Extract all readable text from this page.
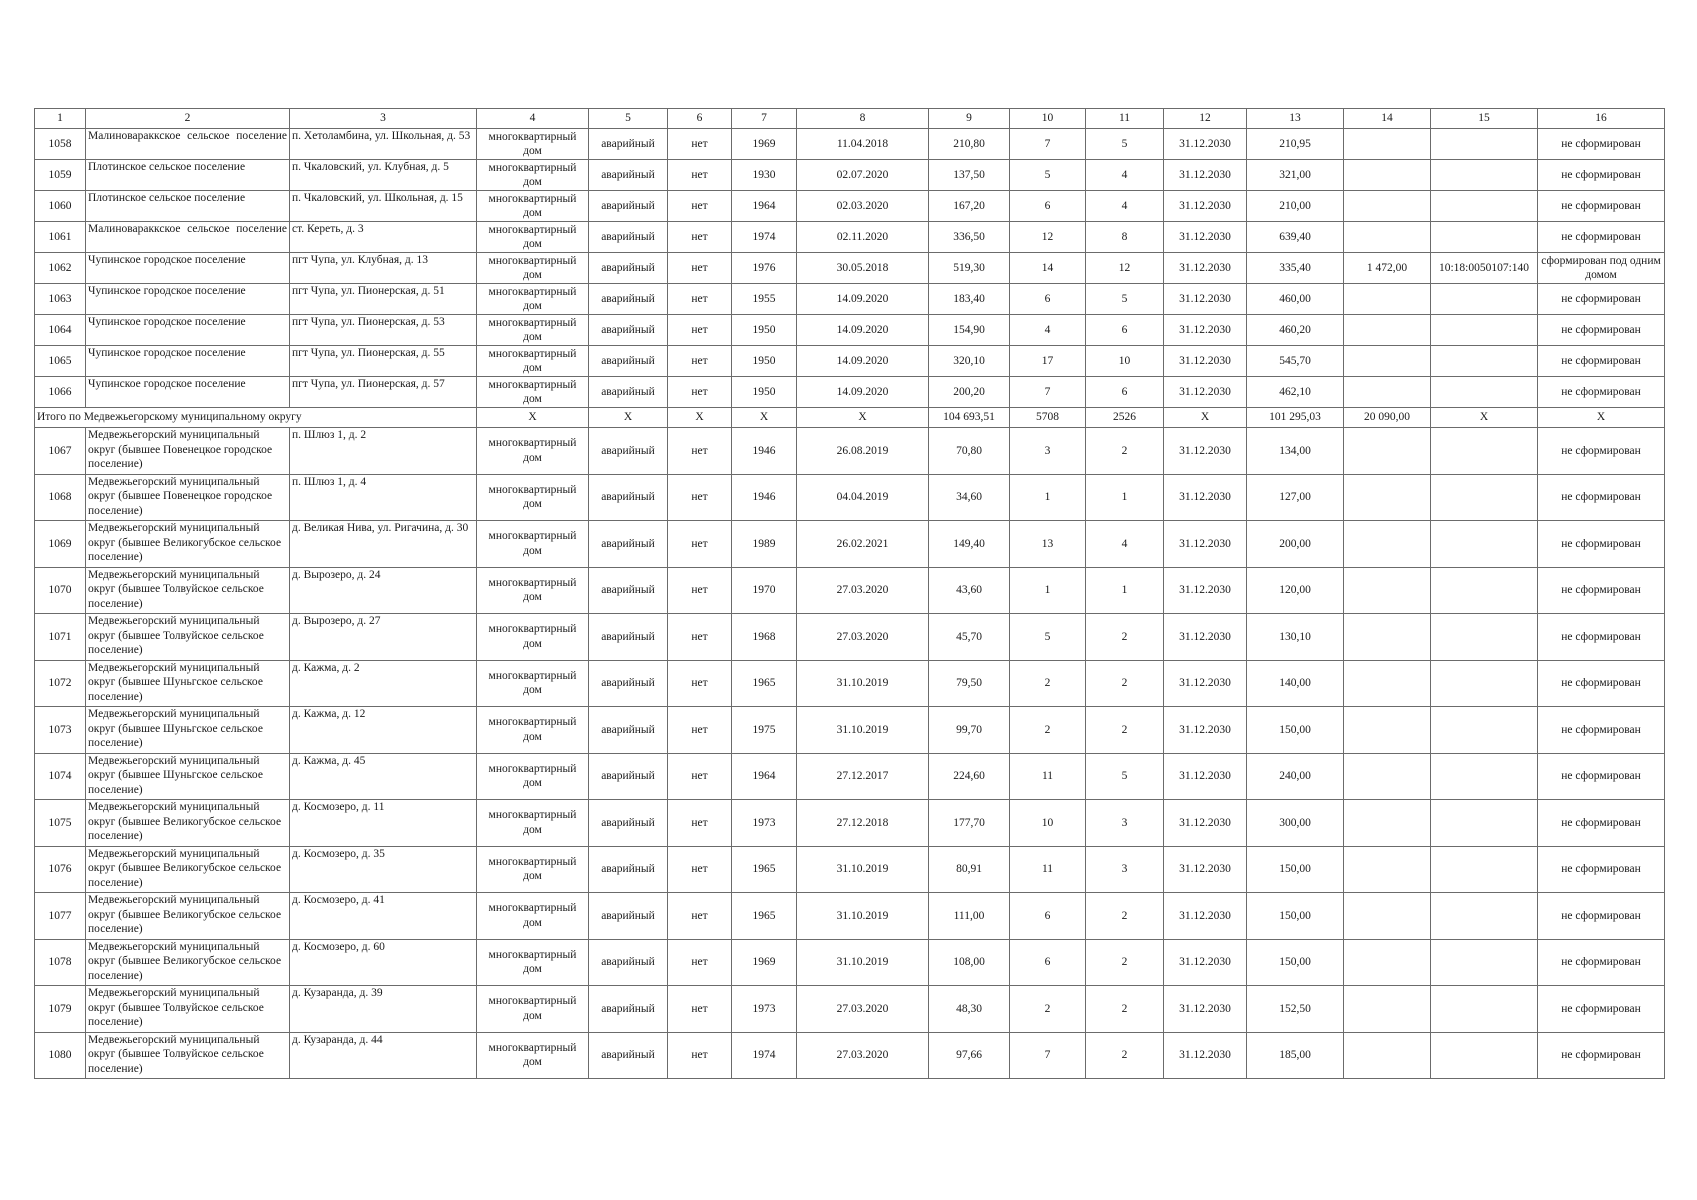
1	2	3	4	5	6	7	8	9	10	11	12	13	14	15	16
1058	Малиновараккское сельское поселение	п. Хетоламбина, ул. Школьная, д. 53	многоквартирный дом	аварийный	нет	1969	11.04.2018	210,80	7	5	31.12.2030	210,95			не сформирован
1059	Плотинское сельское поселение	п. Чкаловский, ул. Клубная, д. 5	многоквартирный дом	аварийный	нет	1930	02.07.2020	137,50	5	4	31.12.2030	321,00			не сформирован
1060	Плотинское сельское поселение	п. Чкаловский, ул. Школьная, д. 15	многоквартирный дом	аварийный	нет	1964	02.03.2020	167,20	6	4	31.12.2030	210,00			не сформирован
1061	Малиновараккское сельское поселение	ст. Кереть, д. 3	многоквартирный дом	аварийный	нет	1974	02.11.2020	336,50	12	8	31.12.2030	639,40			не сформирован
1062	Чупинское городское поселение	пгт Чупа, ул. Клубная, д. 13	многоквартирный дом	аварийный	нет	1976	30.05.2018	519,30	14	12	31.12.2030	335,40	1 472,00	10:18:0050107:140	сформирован под одним домом
1063	Чупинское городское поселение	пгт Чупа, ул. Пионерская, д. 51	многоквартирный дом	аварийный	нет	1955	14.09.2020	183,40	6	5	31.12.2030	460,00			не сформирован
1064	Чупинское городское поселение	пгт Чупа, ул. Пионерская, д. 53	многоквартирный дом	аварийный	нет	1950	14.09.2020	154,90	4	6	31.12.2030	460,20			не сформирован
1065	Чупинское городское поселение	пгт Чупа, ул. Пионерская, д. 55	многоквартирный дом	аварийный	нет	1950	14.09.2020	320,10	17	10	31.12.2030	545,70			не сформирован
1066	Чупинское городское поселение	пгт Чупа, ул. Пионерская, д. 57	многоквартирный дом	аварийный	нет	1950	14.09.2020	200,20	7	6	31.12.2030	462,10			не сформирован
Итого по Медвежьегорскому муниципальному округу			X	X	X	X	X	104 693,51	5708	2526	X	101 295,03	20 090,00	X	X
1067	Медвежьегорский муниципальный округ (бывшее Повенецкое городское поселение)	п. Шлюз 1, д. 2	многоквартирный дом	аварийный	нет	1946	26.08.2019	70,80	3	2	31.12.2030	134,00			не сформирован
1068	Медвежьегорский муниципальный округ (бывшее Повенецкое городское поселение)	п. Шлюз 1, д. 4	многоквартирный дом	аварийный	нет	1946	04.04.2019	34,60	1	1	31.12.2030	127,00			не сформирован
1069	Медвежьегорский муниципальный округ (бывшее Великогубское сельское поселение)	д. Великая Нива, ул. Ригачина, д. 30	многоквартирный дом	аварийный	нет	1989	26.02.2021	149,40	13	4	31.12.2030	200,00			не сформирован
1070	Медвежьегорский муниципальный округ (бывшее Толвуйское сельское поселение)	д. Вырозеро, д. 24	многоквартирный дом	аварийный	нет	1970	27.03.2020	43,60	1	1	31.12.2030	120,00			не сформирован
1071	Медвежьегорский муниципальный округ (бывшее Толвуйское сельское поселение)	д. Вырозеро, д. 27	многоквартирный дом	аварийный	нет	1968	27.03.2020	45,70	5	2	31.12.2030	130,10			не сформирован
1072	Медвежьегорский муниципальный округ (бывшее Шуньгское сельское поселение)	д. Кажма, д. 2	многоквартирный дом	аварийный	нет	1965	31.10.2019	79,50	2	2	31.12.2030	140,00			не сформирован
1073	Медвежьегорский муниципальный округ (бывшее Шуньгское сельское поселение)	д. Кажма, д. 12	многоквартирный дом	аварийный	нет	1975	31.10.2019	99,70	2	2	31.12.2030	150,00			не сформирован
1074	Медвежьегорский муниципальный округ (бывшее Шуньгское сельское поселение)	д. Кажма, д. 45	многоквартирный дом	аварийный	нет	1964	27.12.2017	224,60	11	5	31.12.2030	240,00			не сформирован
1075	Медвежьегорский муниципальный округ (бывшее Великогубское сельское поселение)	д. Космозеро, д. 11	многоквартирный дом	аварийный	нет	1973	27.12.2018	177,70	10	3	31.12.2030	300,00			не сформирован
1076	Медвежьегорский муниципальный округ (бывшее Великогубское сельское поселение)	д. Космозеро, д. 35	многоквартирный дом	аварийный	нет	1965	31.10.2019	80,91	11	3	31.12.2030	150,00			не сформирован
1077	Медвежьегорский муниципальный округ (бывшее Великогубское сельское поселение)	д. Космозеро, д. 41	многоквартирный дом	аварийный	нет	1965	31.10.2019	111,00	6	2	31.12.2030	150,00			не сформирован
1078	Медвежьегорский муниципальный округ (бывшее Великогубское сельское поселение)	д. Космозеро, д. 60	многоквартирный дом	аварийный	нет	1969	31.10.2019	108,00	6	2	31.12.2030	150,00			не сформирован
1079	Медвежьегорский муниципальный округ (бывшее Толвуйское сельское поселение)	д. Кузаранда, д. 39	многоквартирный дом	аварийный	нет	1973	27.03.2020	48,30	2	2	31.12.2030	152,50			не сформирован
1080	Медвежьегорский муниципальный округ (бывшее Толвуйское сельское поселение)	д. Кузаранда, д. 44	многоквартирный дом	аварийный	нет	1974	27.03.2020	97,66	7	2	31.12.2030	185,00			не сформирован
